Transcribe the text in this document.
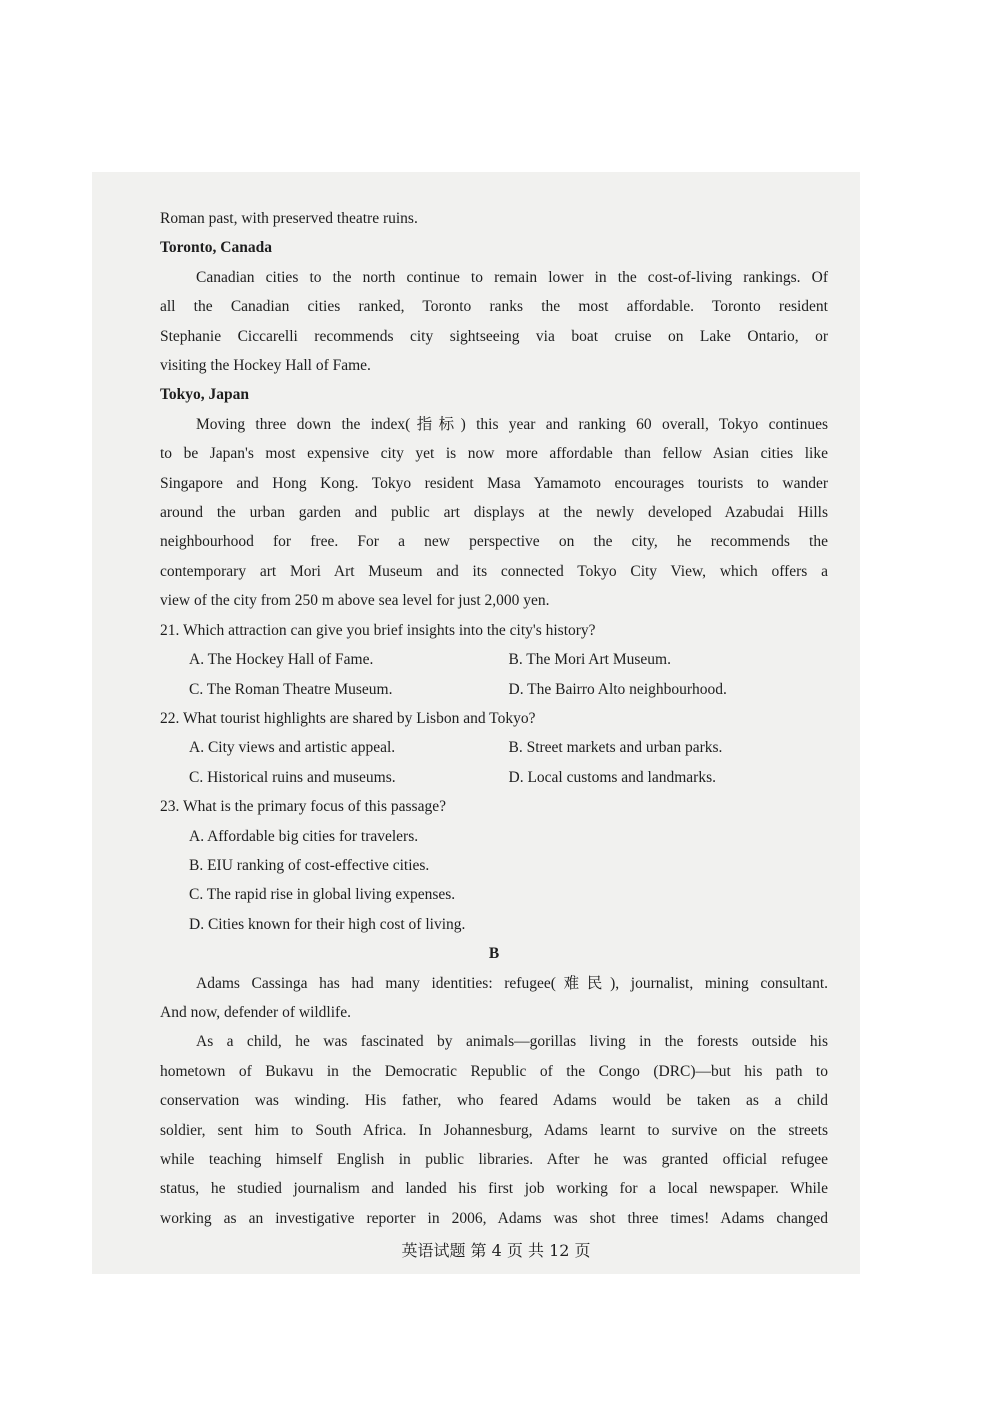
Roman past, with preserved theatre ruins.
Toronto, Canada
Canadian cities to the north continue to remain lower in the cost-of-living rankings. Of
all the Canadian cities ranked, Toronto ranks the most affordable. Toronto resident
Stephanie Ciccarelli recommends city sightseeing via boat cruise on Lake Ontario, or
visiting the Hockey Hall of Fame.
Tokyo, Japan
Moving three down the index(指标) this year and ranking 60 overall, Tokyo continues
to be Japan's most expensive city yet is now more affordable than fellow Asian cities like
Singapore and Hong Kong. Tokyo resident Masa Yamamoto encourages tourists to wander
around the urban garden and public art displays at the newly developed Azabudai Hills
neighbourhood for free. For a new perspective on the city, he recommends the
contemporary art Mori Art Museum and its connected Tokyo City View, which offers a
view of the city from 250 m above sea level for just 2,000 yen.
21. Which attraction can give you brief insights into the city's history?
A. The Hockey Hall of Fame.	B. The Mori Art Museum.
C. The Roman Theatre Museum.	D. The Bairro Alto neighbourhood.
22. What tourist highlights are shared by Lisbon and Tokyo?
A. City views and artistic appeal.	B. Street markets and urban parks.
C. Historical ruins and museums.	D. Local customs and landmarks.
23. What is the primary focus of this passage?
A. Affordable big cities for travelers.
B. EIU ranking of cost-effective cities.
C. The rapid rise in global living expenses.
D. Cities known for their high cost of living.
B
Adams Cassinga has had many identities: refugee(难民), journalist, mining consultant.
And now, defender of wildlife.
As a child, he was fascinated by animals—gorillas living in the forests outside his
hometown of Bukavu in the Democratic Republic of the Congo (DRC)—but his path to
conservation was winding. His father, who feared Adams would be taken as a child
soldier, sent him to South Africa. In Johannesburg, Adams learnt to survive on the streets
while teaching himself English in public libraries. After he was granted official refugee
status, he studied journalism and landed his first job working for a local newspaper. While
working as an investigative reporter in 2006, Adams was shot three times! Adams changed
英语试题 第 4 页 共 12 页
